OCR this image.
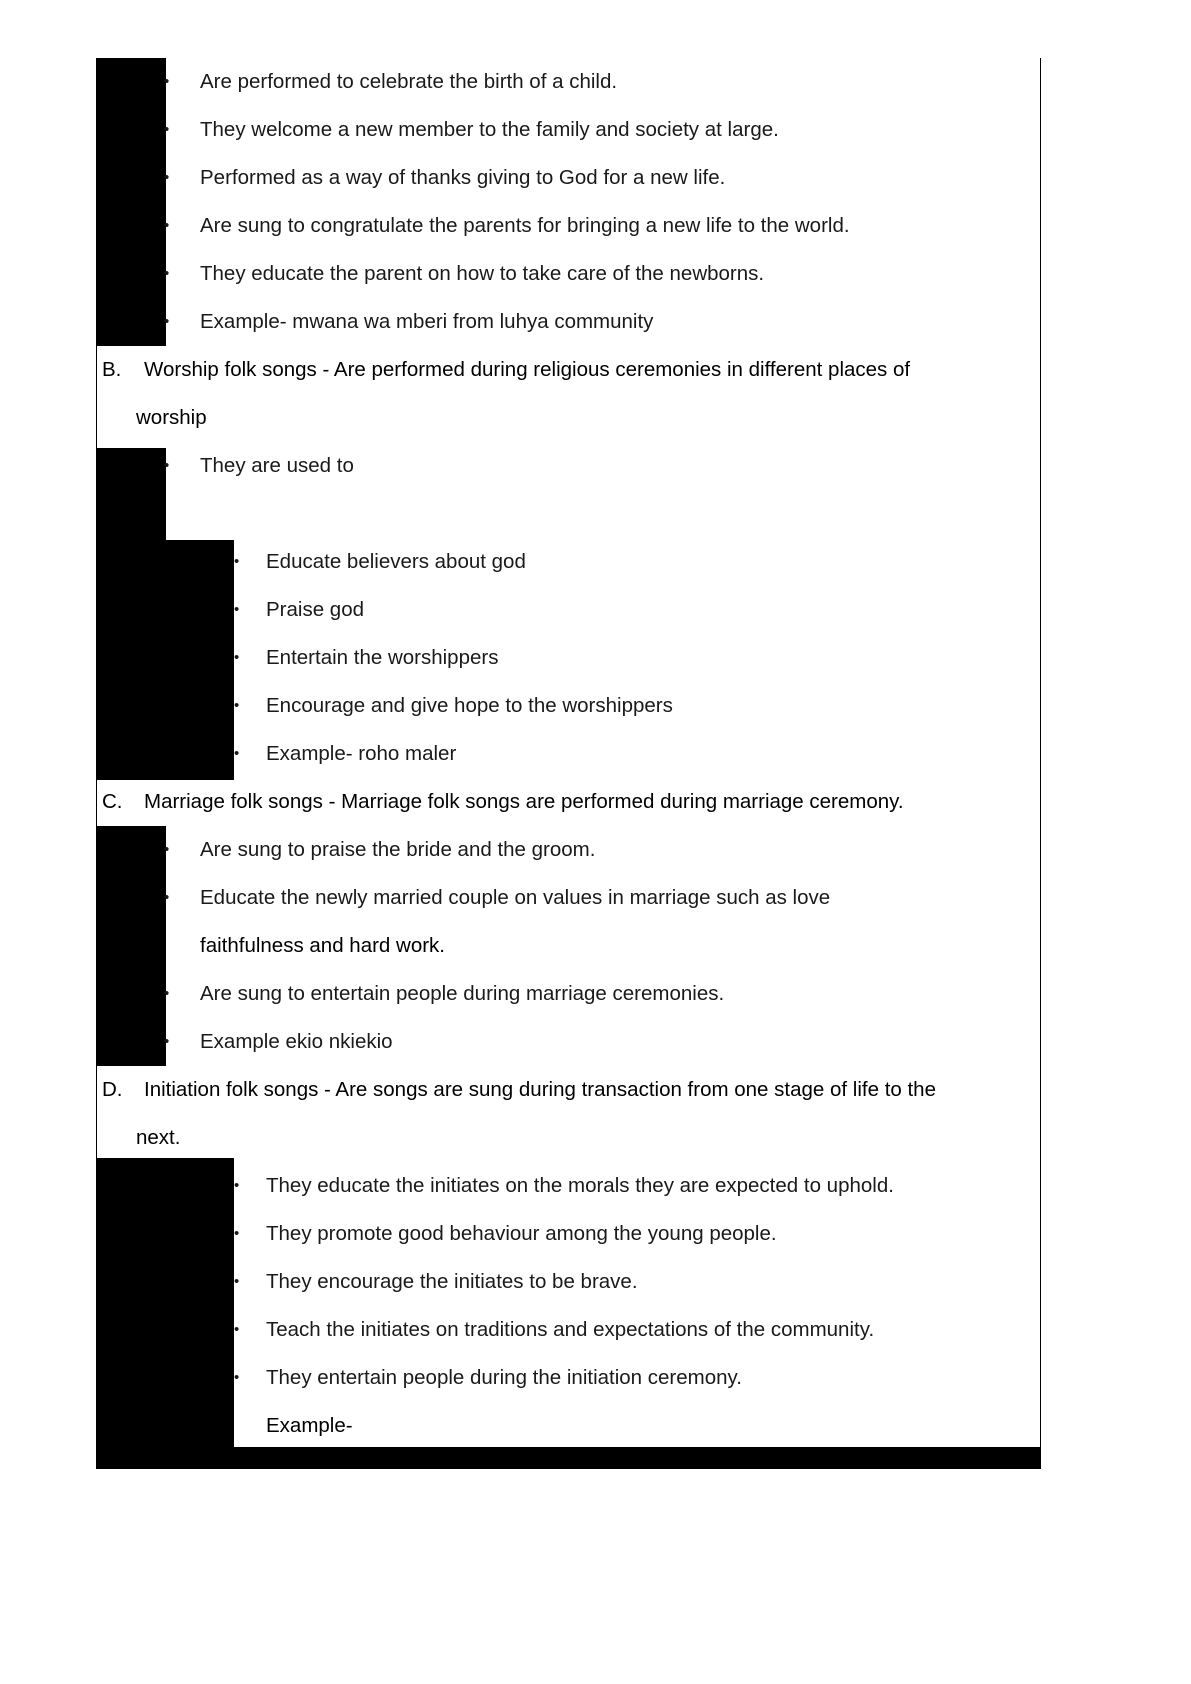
•	Are performed to celebrate the birth of a child.
•	They welcome a new member to the family and society at large.
•	Performed as a way of thanks giving to God for a new life.
•	Are sung to congratulate the parents for bringing a new life to the world.
•	They educate the parent on how to take care of the newborns.
•	Example- mwana wa mberi from luhya community
B.	Worship folk songs - Are performed during religious ceremonies in different places of
worship
•	They are used to
•	Educate believers about god
•	Praise god
•	Entertain the worshippers
•	Encourage and give hope to the worshippers
•	Example- roho maler
C.	Marriage folk songs - Marriage folk songs are performed during marriage ceremony.
•	Are sung to praise the bride and the groom.
•	Educate the newly married couple on values in marriage such as love
faithfulness and hard work.
•	Are sung to entertain people during marriage ceremonies.
•	Example ekio nkiekio
D.	Initiation folk songs - Are songs are sung during transaction from one stage of life to the
next.
•	They educate the initiates on the morals they are expected to uphold.
•	They promote good behaviour among the young people.
•	They encourage the initiates to be brave.
•	Teach the initiates on traditions and expectations of the community.
•	They entertain people during the initiation ceremony.
Example-
